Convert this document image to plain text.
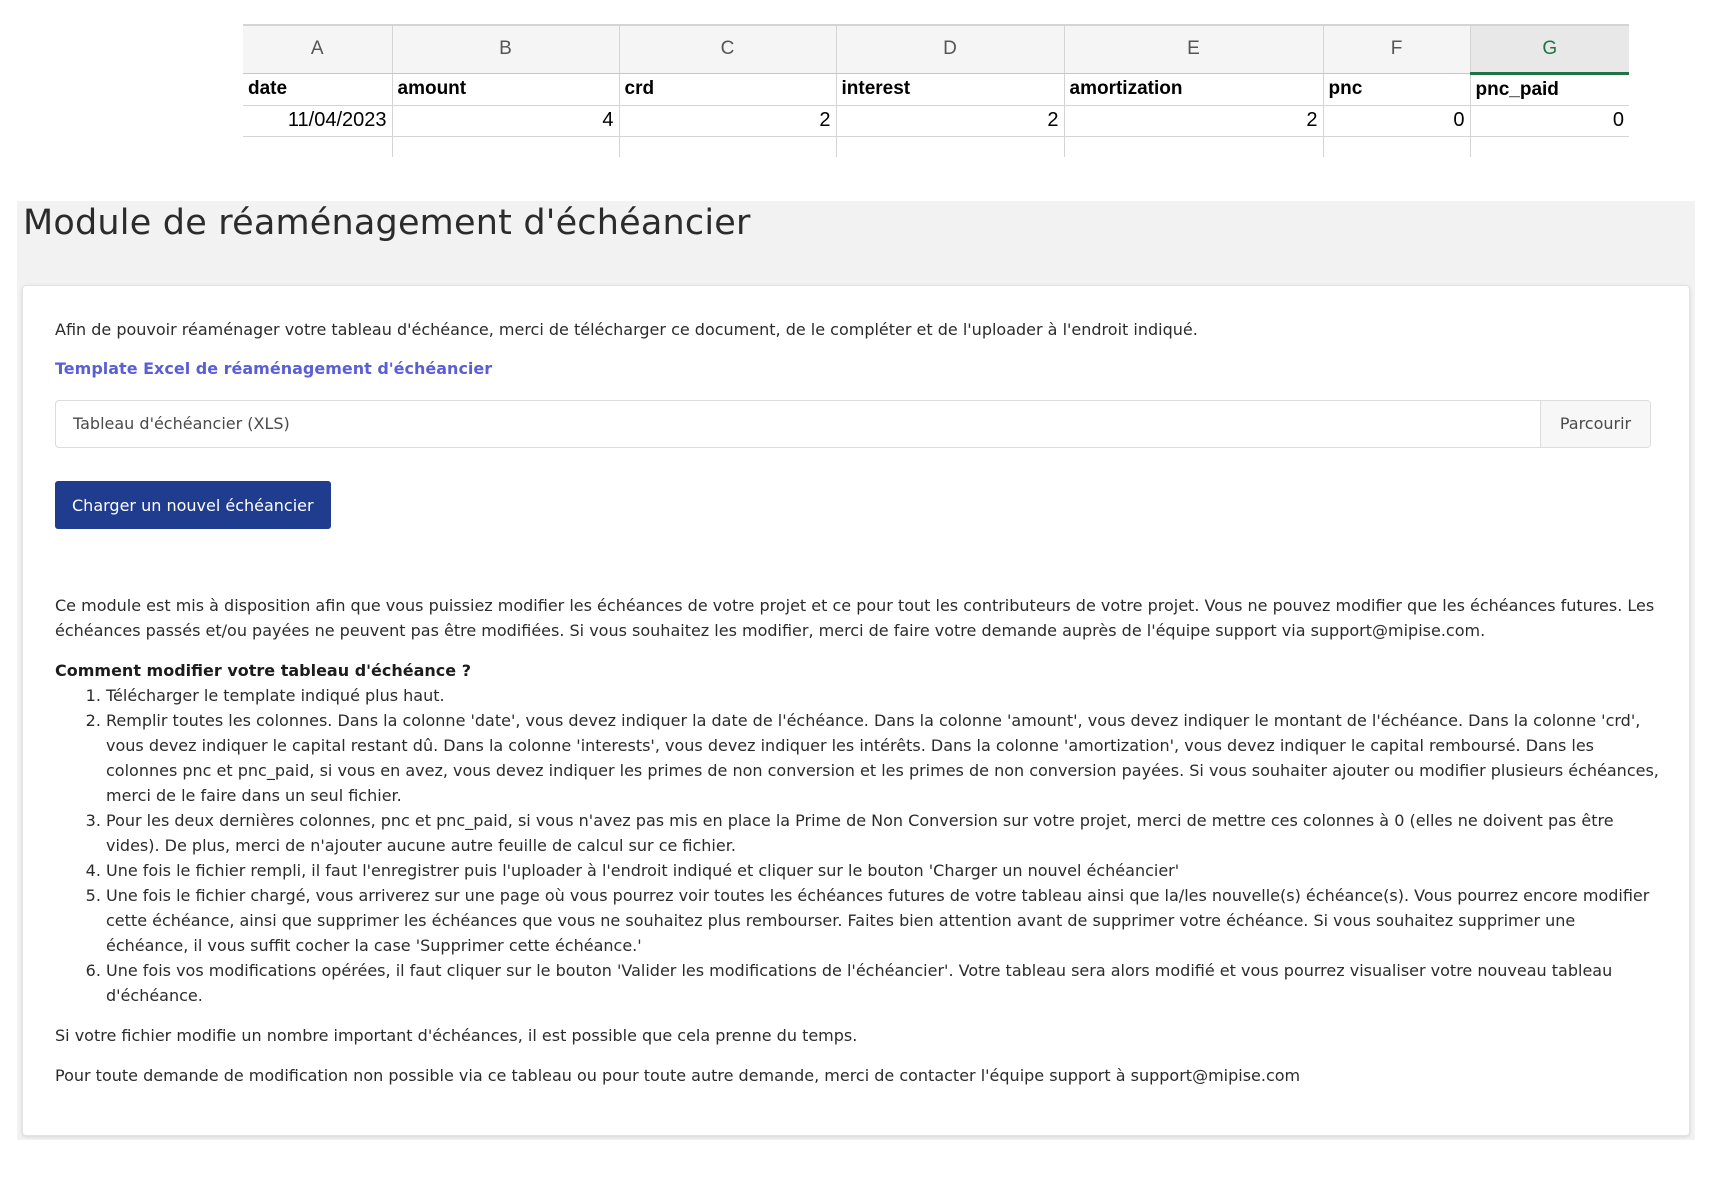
A	B	C	D	E	F	G
date	amount	crd	interest	amortization	pnc	pnc_paid
11/04/2023	4	2	2	2	0	0

Module de réaménagement d'échéancier
Afin de pouvoir réaménager votre tableau d'échéance, merci de télécharger ce document, de le compléter et de l'uploader à l'endroit indiqué.
Template Excel de réaménagement d'échéancier
Tableau d'échéancier (XLS)	Parcourir
Charger un nouvel échéancier

Ce module est mis à disposition afin que vous puissiez modifier les échéances de votre projet et ce pour tout les contributeurs de votre projet. Vous ne pouvez modifier que les échéances futures. Les échéances passés et/ou payées ne peuvent pas être modifiées. Si vous souhaitez les modifier, merci de faire votre demande auprès de l'équipe support via support@mipise.com.

Comment modifier votre tableau d'échéance ?
1. Télécharger le template indiqué plus haut.
2. Remplir toutes les colonnes. Dans la colonne 'date', vous devez indiquer la date de l'échéance. Dans la colonne 'amount', vous devez indiquer le montant de l'échéance. Dans la colonne 'crd', vous devez indiquer le capital restant dû. Dans la colonne 'interests', vous devez indiquer les intérêts. Dans la colonne 'amortization', vous devez indiquer le capital remboursé. Dans les colonnes pnc et pnc_paid, si vous en avez, vous devez indiquer les primes de non conversion et les primes de non conversion payées. Si vous souhaiter ajouter ou modifier plusieurs échéances, merci de le faire dans un seul fichier.
3. Pour les deux dernières colonnes, pnc et pnc_paid, si vous n'avez pas mis en place la Prime de Non Conversion sur votre projet, merci de mettre ces colonnes à 0 (elles ne doivent pas être vides). De plus, merci de n'ajouter aucune autre feuille de calcul sur ce fichier.
4. Une fois le fichier rempli, il faut l'enregistrer puis l'uploader à l'endroit indiqué et cliquer sur le bouton 'Charger un nouvel échéancier'
5. Une fois le fichier chargé, vous arriverez sur une page où vous pourrez voir toutes les échéances futures de votre tableau ainsi que la/les nouvelle(s) échéance(s). Vous pourrez encore modifier cette échéance, ainsi que supprimer les échéances que vous ne souhaitez plus rembourser. Faites bien attention avant de supprimer votre échéance. Si vous souhaitez supprimer une échéance, il vous suffit cocher la case 'Supprimer cette échéance.'
6. Une fois vos modifications opérées, il faut cliquer sur le bouton 'Valider les modifications de l'échéancier'. Votre tableau sera alors modifié et vous pourrez visualiser votre nouveau tableau d'échéance.

Si votre fichier modifie un nombre important d'échéances, il est possible que cela prenne du temps.

Pour toute demande de modification non possible via ce tableau ou pour toute autre demande, merci de contacter l'équipe support à support@mipise.com
